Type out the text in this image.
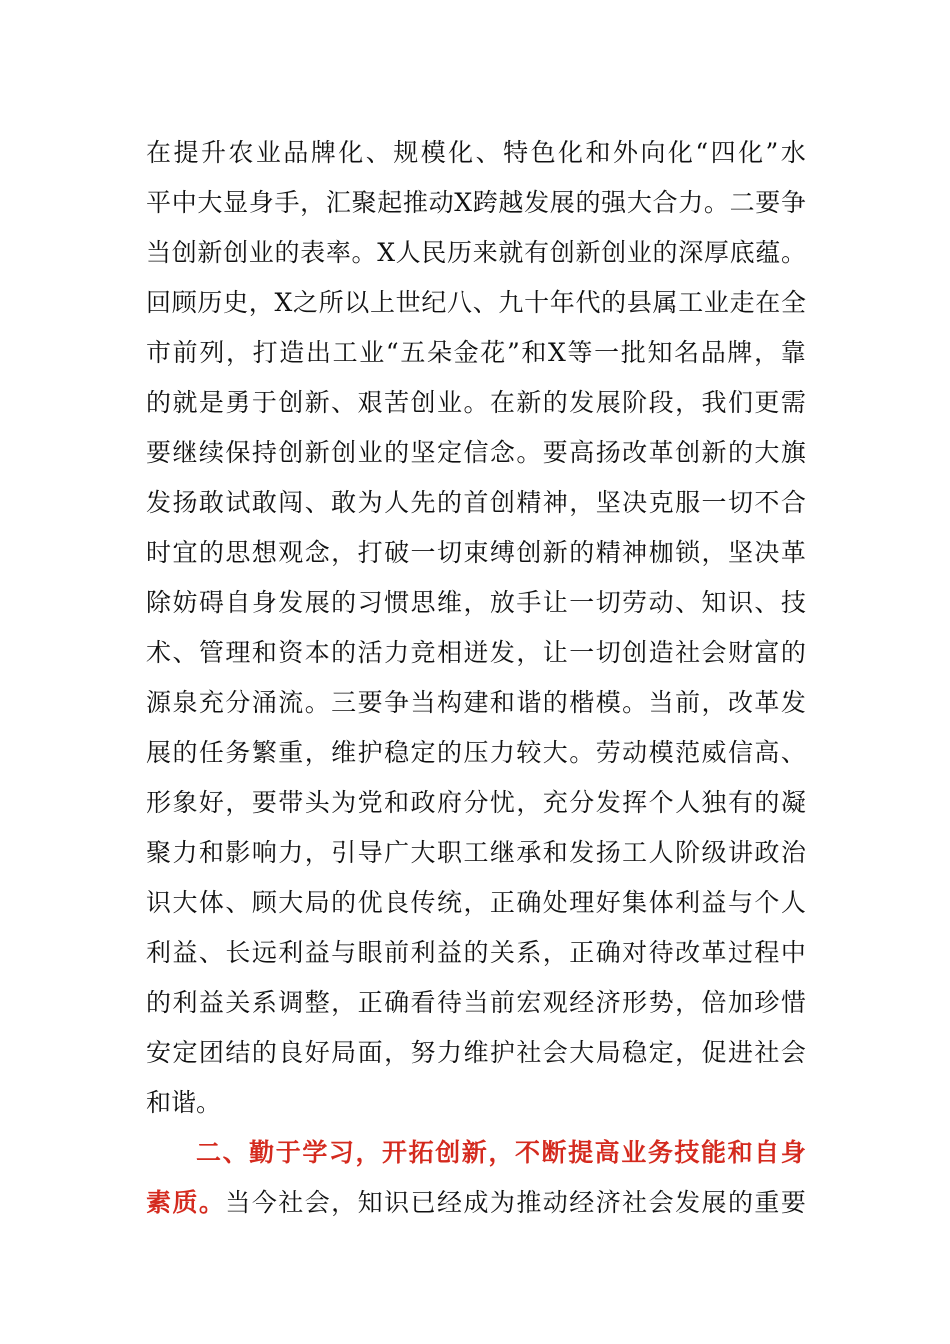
在 提 升 农 业 品 牌 化 、 规 模 化 、 特 色 化 和 外 向 化 “ 四 化 ” 水
平 中 大 显 身 手 ， 汇 聚 起 推 动 X 跨 越 发 展 的 强 大 合 力 。 二 要 争
当 创 新 创 业 的 表 率 。 X 人 民 历 来 就 有 创 新 创 业 的 深 厚 底 蕴 。
回 顾 历 史 ， X 之 所 以 上 世 纪 八 、 九 十 年 代 的 县 属 工 业 走 在 全
市 前 列 ， 打 造 出 工 业 “ 五 朵 金 花 ” 和 X 等 一 批 知 名 品 牌 ， 靠
的 就 是 勇 于 创 新 、 艰 苦 创 业 。 在 新 的 发 展 阶 段 ， 我 们 更 需
要 继 续 保 持 创 新 创 业 的 坚 定 信 念 。 要 高 扬 改 革 创 新 的 大 旗
发 扬 敢 试 敢 闯 、 敢 为 人 先 的 首 创 精 神 ， 坚 决 克 服 一 切 不 合
时 宜 的 思 想 观 念 ， 打 破 一 切 束 缚 创 新 的 精 神 枷 锁 ， 坚 决 革
除 妨 碍 自 身 发 展 的 习 惯 思 维 ， 放 手 让 一 切 劳 动 、 知 识 、 技
术 、 管 理 和 资 本 的 活 力 竞 相 迸 发 ， 让 一 切 创 造 社 会 财 富 的
源 泉 充 分 涌 流 。 三 要 争 当 构 建 和 谐 的 楷 模 。 当 前 ， 改 革 发
展 的 任 务 繁 重 ， 维 护 稳 定 的 压 力 较 大 。 劳 动 模 范 威 信 高 、
形 象 好 ， 要 带 头 为 党 和 政 府 分 忧 ， 充 分 发 挥 个 人 独 有 的 凝
聚 力 和 影 响 力 ， 引 导 广 大 职 工 继 承 和 发 扬 工 人 阶 级 讲 政 治
识 大 体 、 顾 大 局 的 优 良 传 统 ， 正 确 处 理 好 集 体 利 益 与 个 人
利 益 、 长 远 利 益 与 眼 前 利 益 的 关 系 ， 正 确 对 待 改 革 过 程 中
的 利 益 关 系 调 整 ， 正 确 看 待 当 前 宏 观 经 济 形 势 ， 倍 加 珍 惜
安 定 团 结 的 良 好 局 面 ， 努 力 维 护 社 会 大 局 稳 定 ， 促 进 社 会
和谐。
二 、 勤 于 学 习 ， 开 拓 创 新 ， 不 断 提 高 业 务 技 能 和 自 身
素 质 。 当 今 社 会 ， 知 识 已 经 成 为 推 动 经 济 社 会 发 展 的 重 要
